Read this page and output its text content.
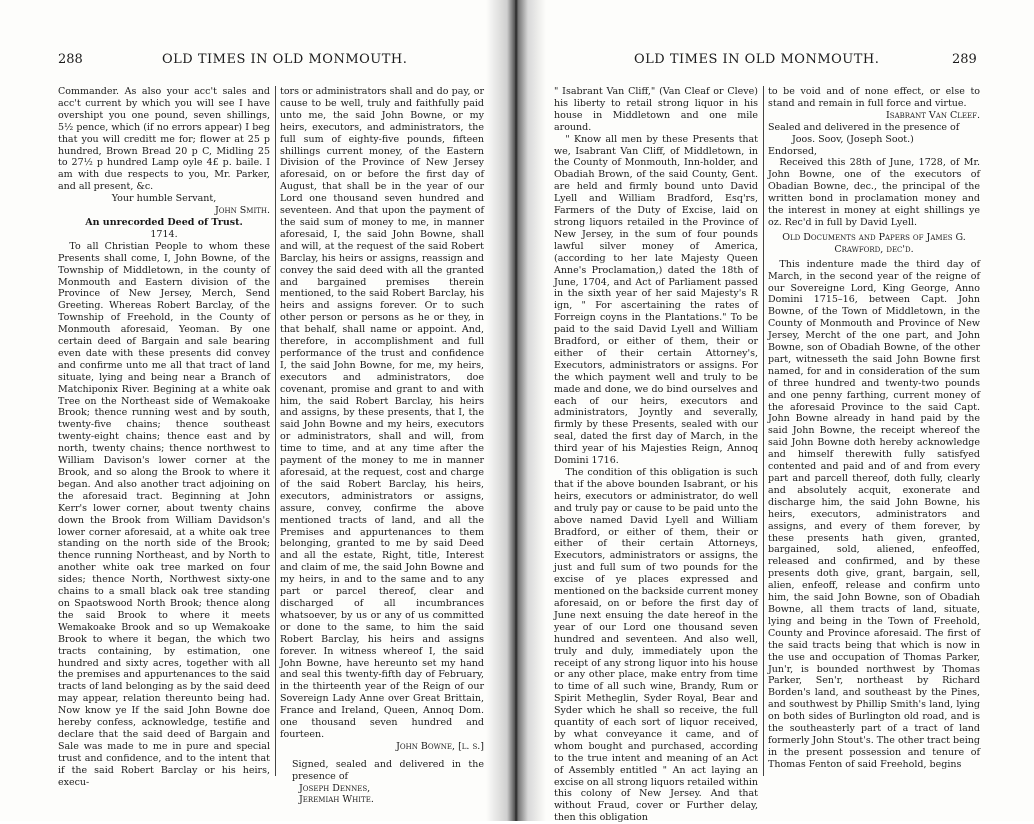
288	OLD TIMES IN OLD MONMOUTH.

Commander. As also your acc't sales and acc't current by which you will see I have overshipt you one pound, seven shillings, 5½ pence, which (if no errors appear) I beg that you will creditt me for; flower at 25 p hundred, Brown Bread 20 p C, Midling 25 to 27½ p hundred Lamp oyle 4£ p. baile. I am with due respects to you, Mr. Parker, and all present, &c.

Your humble Servant,

John Smith.

An unrecorded Deed of Trust.

1714.

To all Christian People to whom these Presents shall come, I, John Bowne, of the Township of Middletown, in the county of Monmouth and Eastern division of the Province of New Jersey, Merch, Send Greeting. Whereas Robert Barclay, of the Township of Freehold, in the County of Monmouth aforesaid, Yeoman. By one certain deed of Bargain and sale bearing even date with these presents did convey and confirme unto me all that tract of land situate, lying and being near a Branch of Matchiponix River. Begining at a white oak Tree on the Northeast side of Wemakoake Brook; thence running west and by south, twenty-five chains; thence southeast twenty-eight chains; thence east and by north, twenty chains; thence northwest to William Davison's lower corner at the Brook, and so along the Brook to where it began. And also another tract adjoining on the aforesaid tract. Beginning at John Kerr's lower corner, about twenty chains down the Brook from William Davidson's lower corner aforesaid, at a white oak tree standing on the north side of the Brook; thence running Northeast, and by North to another white oak tree marked on four sides; thence North, Northwest sixty-one chains to a small black oak tree standing on Spaotswood North Brook; thence along the said Brook to where it meets Wemakoake Brook and so up Wemakoake Brook to where it began, the which two tracts containing, by estimation, one hundred and sixty acres, together with all the premises and appurtenances to the said tracts of land belonging as by the said deed may appear, relation thereunto being had. Now know ye If the said John Bowne doe hereby confess, acknowledge, testifie and declare that the said deed of Bargain and Sale was made to me in pure and special trust and confidence, and to the intent that if the said Robert Barclay or his heirs, execu-

tors or administrators shall and do pay, or cause to be well, truly and faithfully paid unto me, the said John Bowne, or my heirs, executors, and administrators, the full sum of eighty-five pounds, fifteen shillings current money, of the Eastern Division of the Province of New Jersey aforesaid, on or before the first day of August, that shall be in the year of our Lord one thousand seven hundred and seventeen. And that upon the payment of the said sum of money to me, in manner aforesaid, I, the said John Bowne, shall and will, at the request of the said Robert Barclay, his heirs or assigns, reassign and convey the said deed with all the granted and bargained premises therein mentioned, to the said Robert Barclay, his heirs and assigns forever. Or to such other person or persons as he or they, in that behalf, shall name or appoint. And, therefore, in accomplishment and full performance of the trust and confidence I, the said John Bowne, for me, my heirs, executors and administrators, doe covenant, promise and grant to and with him, the said Robert Barclay, his heirs and assigns, by these presents, that I, the said John Bowne and my heirs, executors or administrators, shall and will, from time to time, and at any time after the payment of the money to me in manner aforesaid, at the request, cost and charge of the said Robert Barclay, his heirs, executors, administrators or assigns, assure, convey, confirme the above mentioned tracts of land, and all the Premises and appurtenances to them belonging, granted to me by said Deed and all the estate, Right, title, Interest and claim of me, the said John Bowne and my heirs, in and to the same and to any part or parcel thereof, clear and discharged of all incumbrances whatsoever, by us or any of us committed or done to the same, to him the said Robert Barclay, his heirs and assigns forever. In witness whereof I, the said John Bowne, have hereunto set my hand and seal this twenty-fifth day of February, in the thirteenth year of the Reign of our Sovereign Lady Anne over Great Brittain, France and Ireland, Queen, Annoq Dom. one thousand seven hundred and fourteen.

John Bowne, [l. s.]

Signed, sealed and delivered in the presence of

Joseph Dennes,

Jeremiah White.

OLD TIMES IN OLD MONMOUTH.	289

" Isabrant Van Cliff," (Van Cleaf or Cleve) his liberty to retail strong liquor in his house in Middletown and one mile around.

" Know all men by these Presents that we, Isabrant Van Cliff, of Middletown, in the County of Monmouth, Inn-holder, and Obadiah Brown, of the said County, Gent. are held and firmly bound unto David Lyell and William Bradford, Esq'rs, Farmers of the Duty of Excise, laid on strong liquors retailed in the Province of New Jersey, in the sum of four pounds lawful silver money of America, (according to her late Majesty Queen Anne's Proclamation,) dated the 18th of June, 1704, and Act of Parliament passed in the sixth year of her said Majesty's R ign, " For ascertaining the rates of Forreign coyns in the Plantations." To be paid to the said David Lyell and William Bradford, or either of them, their or either of their certain Attorney's, Executors, administrators or assigns. For the which payment well and truly to be made and done, we do bind ourselves and each of our heirs, executors and administrators, Joyntly and severally, firmly by these Presents, sealed with our seal, dated the first day of March, in the third year of his Majesties Reign, Annoq Domini 1716.

The condition of this obligation is such that if the above bounden Isabrant, or his heirs, executors or administrator, do well and truly pay or cause to be paid unto the above named David Lyell and William Bradford, or either of them, their or either of their certain Attorneys, Executors, administrators or assigns, the just and full sum of two pounds for the excise of ye places expressed and mentioned on the backside current money aforesaid, on or before the first day of June next ensuing the date hereof in the year of our Lord one thousand seven hundred and seventeen. And also well, truly and duly, immediately upon the receipt of any strong liquor into his house or any other place, make entry from time to time of all such wine, Brandy, Rum or Spirit Metheglin, Syder Royal, Bear and Syder which he shall so receive, the full quantity of each sort of liquor received, by what conveyance it came, and of whom bought and purchased, according to the true intent and meaning of an Act of Assembly entitled " An act laying an excise on all strong liquors retailed within this colony of New Jersey. And that without Fraud, cover or Further delay, then this obligation

to be void and of none effect, or else to stand and remain in full force and virtue.

Isabrant Van Cleef.

Sealed and delivered in the presence of

Joos. Soov, (Joseph Soot.)

Endorsed,

Received this 28th of June, 1728, of Mr. John Bowne, one of the executors of Obadian Bowne, dec., the principal of the written bond in proclamation money and the interest in money at eight shillings ye oz. Rec'd in full by David Lyell.

Old Documents and Papers of James G. Crawford, dec'd.

This indenture made the third day of March, in the second year of the reigne of our Sovereigne Lord, King George, Anno Domini 1715–16, between Capt. John Bowne, of the Town of Middletown, in the County of Monmouth and Province of New Jersey, Mercht of the one part, and John Bowne, son of Obadiah Bowne, of the other part, witnesseth the said John Bowne first named, for and in consideration of the sum of three hundred and twenty-two pounds and one penny farthing, current money of the aforesaid Province to the said Capt. John Bowne already in hand paid by the said John Bowne, the receipt whereof the said John Bowne doth hereby acknowledge and himself therewith fully satisfyed contented and paid and of and from every part and parcell thereof, doth fully, clearly and absolutely acquit, exonerate and discharge him, the said John Bowne, his heirs, executors, administrators and assigns, and every of them forever, by these presents hath given, granted, bargained, sold, aliened, enfeoffed, released and confirmed, and by these presents doth give, grant, bargain, sell, alien, enfeoff, release and confirm unto him, the said John Bowne, son of Obadiah Bowne, all them tracts of land, situate, lying and being in the Town of Freehold, County and Province aforesaid. The first of the said tracts being that which is now in the use and occupation of Thomas Parker, Jun'r, is bounded northwest by Thomas Parker, Sen'r, northeast by Richard Borden's land, and southeast by the Pines, and southwest by Phillip Smith's land, lying on both sides of Burlington old road, and is the southeasterly part of a tract of land formerly John Stout's. The other tract being in the present possession and tenure of Thomas Fenton of said Freehold, begins
